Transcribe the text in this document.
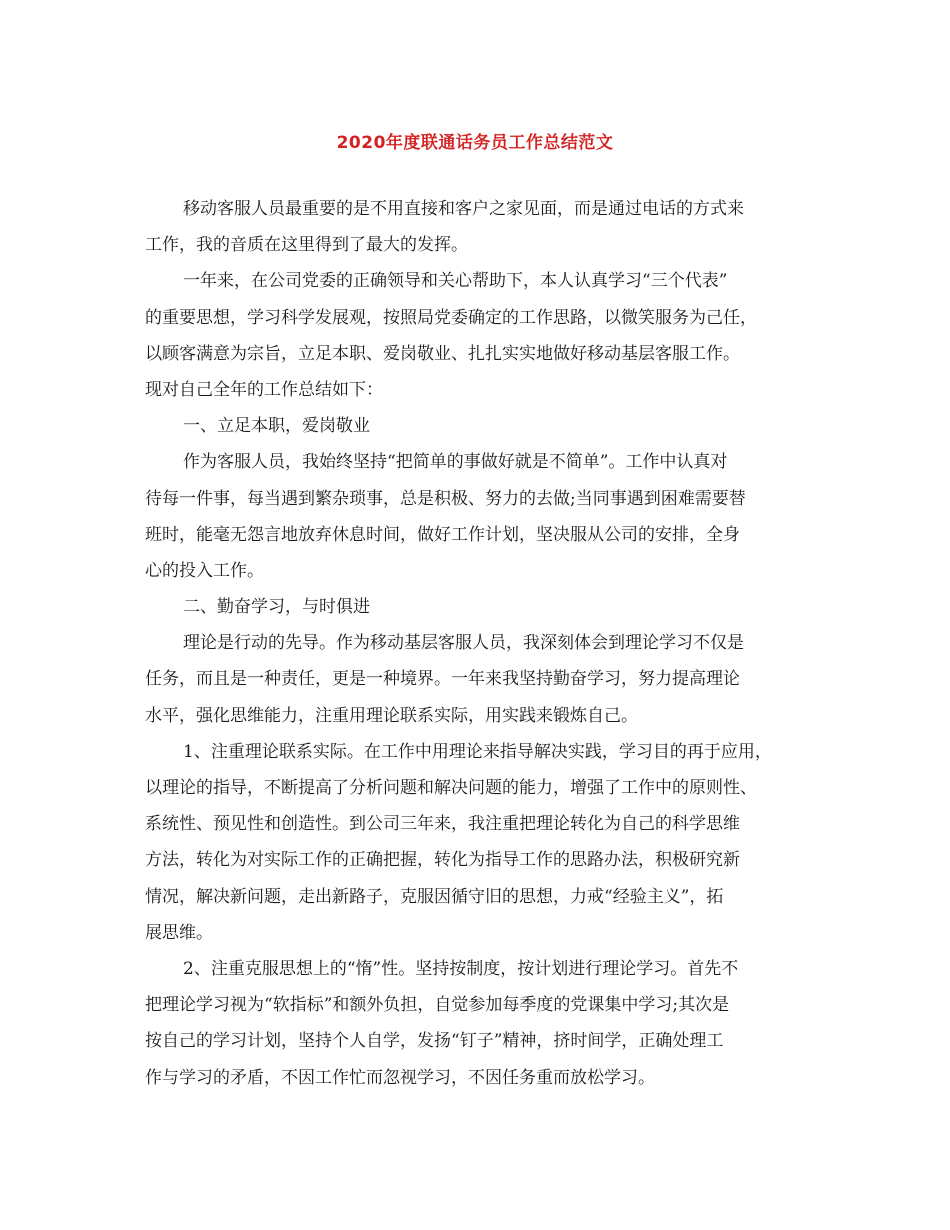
2020年度联通话务员工作总结范文
移动客服人员最重要的是不用直接和客户之家见面，而是通过电话的方式来
工作，我的音质在这里得到了最大的发挥。
一年来，在公司党委的正确领导和关心帮助下，本人认真学习“三个代表”
的重要思想，学习科学发展观，按照局党委确定的工作思路，以微笑服务为己任，
以顾客满意为宗旨，立足本职、爱岗敬业、扎扎实实地做好移动基层客服工作。
现对自己全年的工作总结如下：
一、立足本职，爱岗敬业
作为客服人员，我始终坚持“把简单的事做好就是不简单”。工作中认真对
待每一件事，每当遇到繁杂琐事，总是积极、努力的去做;当同事遇到困难需要替
班时，能毫无怨言地放弃休息时间，做好工作计划，坚决服从公司的安排，全身
心的投入工作。
二、勤奋学习，与时俱进
理论是行动的先导。作为移动基层客服人员，我深刻体会到理论学习不仅是
任务，而且是一种责任，更是一种境界。一年来我坚持勤奋学习，努力提高理论
水平，强化思维能力，注重用理论联系实际，用实践来锻炼自己。
1、注重理论联系实际。在工作中用理论来指导解决实践，学习目的再于应用，
以理论的指导，不断提高了分析问题和解决问题的能力，增强了工作中的原则性、
系统性、预见性和创造性。到公司三年来，我注重把理论转化为自己的科学思维
方法，转化为对实际工作的正确把握，转化为指导工作的思路办法，积极研究新
情况，解决新问题，走出新路子，克服因循守旧的思想，力戒“经验主义”，拓
展思维。
2、注重克服思想上的“惰”性。坚持按制度，按计划进行理论学习。首先不
把理论学习视为“软指标”和额外负担，自觉参加每季度的党课集中学习;其次是
按自己的学习计划，坚持个人自学，发扬“钉子”精神，挤时间学，正确处理工
作与学习的矛盾，不因工作忙而忽视学习，不因任务重而放松学习。
